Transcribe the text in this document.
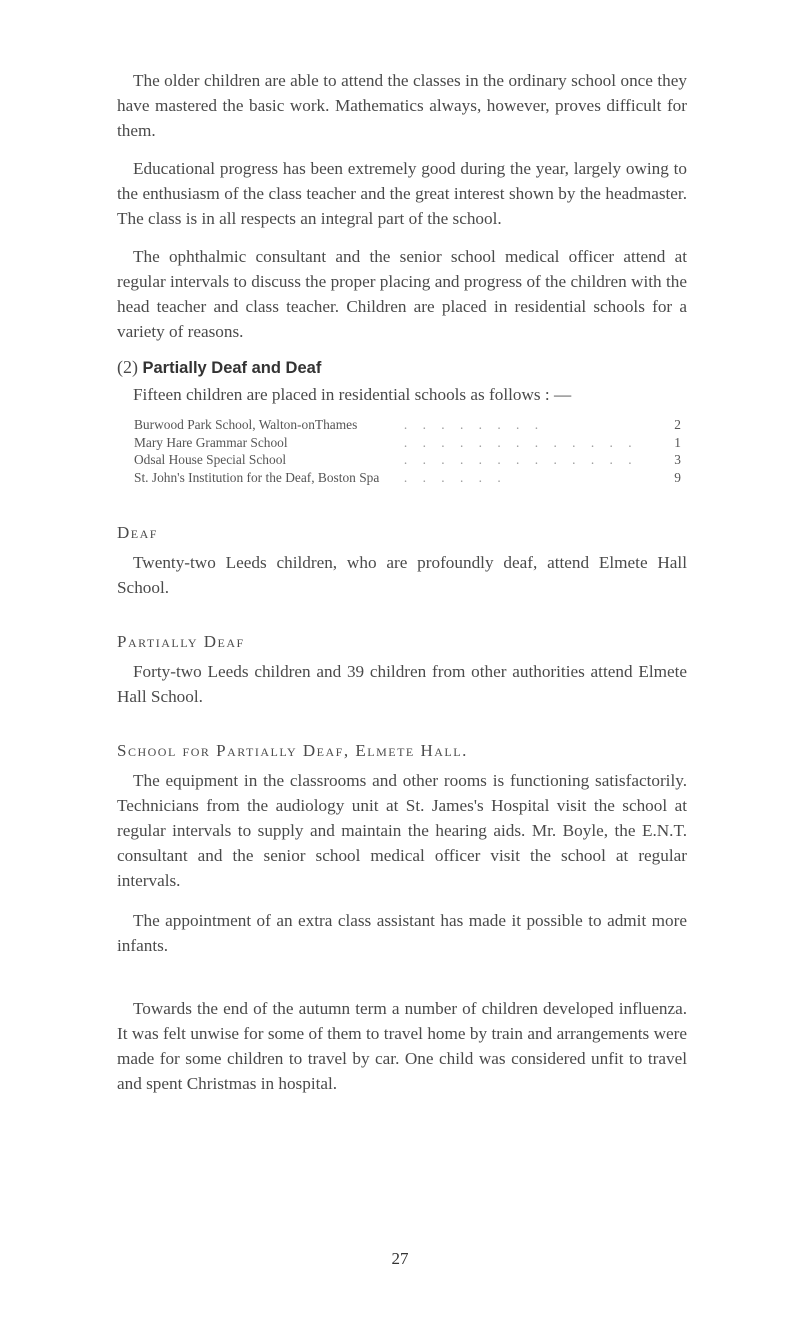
The older children are able to attend the classes in the ordinary school once they have mastered the basic work. Mathematics always, however, proves difficult for them.

Educational progress has been extremely good during the year, largely owing to the enthusiasm of the class teacher and the great interest shown by the headmaster. The class is in all respects an integral part of the school.

The ophthalmic consultant and the senior school medical officer attend at regular intervals to discuss the proper placing and progress of the children with the head teacher and class teacher. Children are placed in residential schools for a variety of reasons.

(2) Partially Deaf and Deaf

Fifteen children are placed in residential schools as follows : —

Burwood Park School, Walton-onThames	. . . . . . . .	2
Mary Hare Grammar School	. . . . . . . . . . . . .	1
Odsal House Special School	. . . . . . . . . . . . .	3
St. John's Institution for the Deaf, Boston Spa	. . . . . .	9
Deaf

Twenty-two Leeds children, who are profoundly deaf, attend Elmete Hall School.

Partially Deaf

Forty-two Leeds children and 39 children from other authorities attend Elmete Hall School.

School for Partially Deaf, Elmete Hall.

The equipment in the classrooms and other rooms is functioning satisfactorily. Technicians from the audiology unit at St. James's Hospital visit the school at regular intervals to supply and maintain the hearing aids. Mr. Boyle, the E.N.T. consultant and the senior school medical officer visit the school at regular intervals.

The appointment of an extra class assistant has made it possible to admit more infants.

Towards the end of the autumn term a number of children developed influenza. It was felt unwise for some of them to travel home by train and arrangements were made for some children to travel by car. One child was considered unfit to travel and spent Christmas in hospital.

27
